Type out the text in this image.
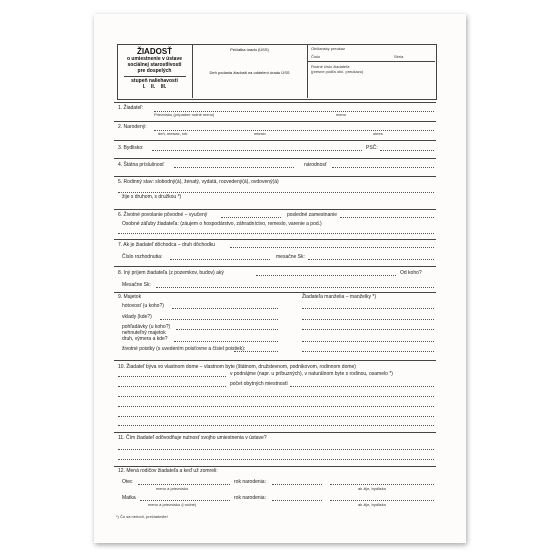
ŽIADOSŤ
o umiestnenie v ústave
sociálnej starostlivosti
pre dospelých
stupeň naliehavosti
I.    II.    III.
Pečiatka úradu (ÚSS)
Deň podania žiadosti na oddelení úradu ÚSS
Občiansky preukaz
Číslo	Séria
Rodné číslo žiadateľa
(presne podľa obč. preukazu)
1. Žiadateľ:
Priezvisko (prípadne rodné meno)	meno
2. Narodený:
deň, mesiac, rok	miesto	okres
3. Bydlisko:	PSČ:
4. Štátna príslušnosť	národnosť
5. Rodinný stav: slobodný(á), ženatý, vydatá, rozvedený(á), ovdovený(á)
žije s druhom, s družkou *)
6. Životné povolanie pôvodné – vyučený	posledné zamestnanie
Osobné záľuby žiadateľa: (záujem o hospodárstvo, záhradníctvo, remeslo, varenie a pod.)
7. Ak je žiadateľ dôchodca – druh dôchodku
Číslo rozhodnutia:	mesačne Sk:
8. Iný príjem žiadateľa (z pozemkov, budov) aký	Od koho?
Mesačne Sk:
9. Majetok	Žiadateľa manželia – manželky *)
hotovosť (u koho?)
vklady (kde?)
pohľadávky (u koho?)
nehnuteľný majetok
druh, výmera a kde?
životné poistky (s uvedením poisťovne a čísiel poistiek):
10. Žiadateľ býva vo vlastnom dome – vlastnom byte (štátnom, družstevnom, podnikovom, rodinnom dome)
v podnájme (napr. u príbuzných), v naturálnom byte s rodinou, osamelo *)
počet obytných miestností
11. Čím žiadateľ odôvodňuje nutnosť svojho umiestnenia v ústave?
12. Mená rodičov žiadateľa a keď už zomreli:
Otec	rok narodenia:
meno a priezvisko	ak žije, bydlisko
Matka	rok narodenia:
meno a priezvisko (i rodné)	ak žije, bydlisko
*) Čo sa nehodí, prečiarknite!
